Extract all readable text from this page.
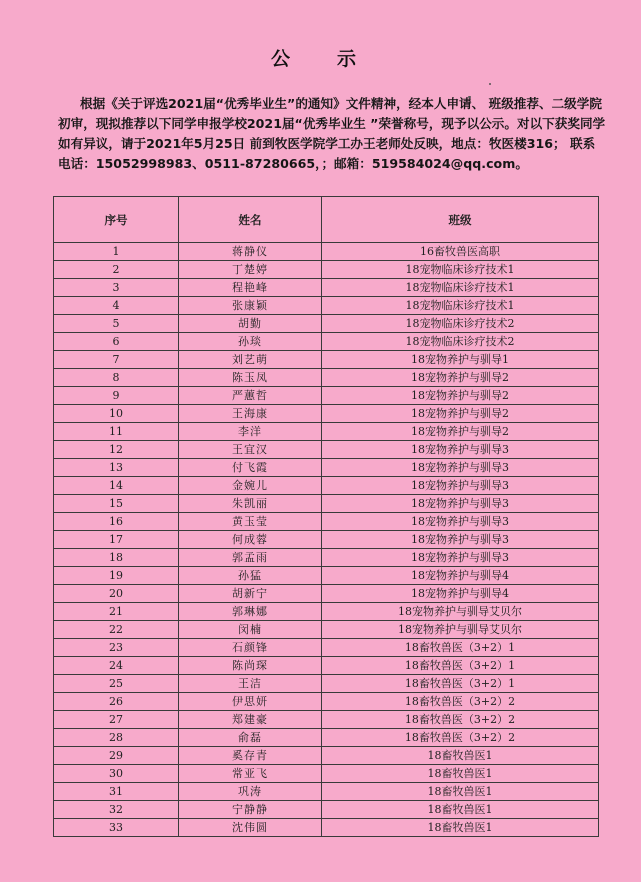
公　示
根据《关于评选2021届“优秀毕业生”的通知》文件精神，经本人申请、 班级推荐、二级学院初审，现拟推荐以下同学申报学校2021届“优秀毕业生 ”荣誉称号，现予以公示。对以下获奖同学如有异议，请于2021年5月25日 前到牧医学院学工办王老师处反映，地点：牧医楼316； 联系电话：15052998983、0511-87280665，；邮箱：519584024@qq.com。
序号	姓名	班级
1	蒋静仪	16畜牧兽医高职
2	丁楚婷	18宠物临床诊疗技术1
3	程艳峰	18宠物临床诊疗技术1
4	张康颖	18宠物临床诊疗技术1
5	胡勤	18宠物临床诊疗技术2
6	孙琰	18宠物临床诊疗技术2
7	刘艺萌	18宠物养护与驯导1
8	陈玉凤	18宠物养护与驯导2
9	严蕙哲	18宠物养护与驯导2
10	王海康	18宠物养护与驯导2
11	李洋	18宠物养护与驯导2
12	王宜汉	18宠物养护与驯导3
13	付飞霞	18宠物养护与驯导3
14	金婉儿	18宠物养护与驯导3
15	朱凯丽	18宠物养护与驯导3
16	黄玉莹	18宠物养护与驯导3
17	何成蓉	18宠物养护与驯导3
18	郭孟雨	18宠物养护与驯导3
19	孙猛	18宠物养护与驯导4
20	胡新宁	18宠物养护与驯导4
21	郭琳娜	18宠物养护与驯导艾贝尔
22	闵楠	18宠物养护与驯导艾贝尔
23	石颜锋	18畜牧兽医（3+2）1
24	陈尚琛	18畜牧兽医（3+2）1
25	王洁	18畜牧兽医（3+2）1
26	伊思妍	18畜牧兽医（3+2）2
27	郑建豪	18畜牧兽医（3+2）2
28	俞磊	18畜牧兽医（3+2）2
29	奚存青	18畜牧兽医1
30	常亚飞	18畜牧兽医1
31	巩涛	18畜牧兽医1
32	宁静静	18畜牧兽医1
33	沈伟圆	18畜牧兽医1
